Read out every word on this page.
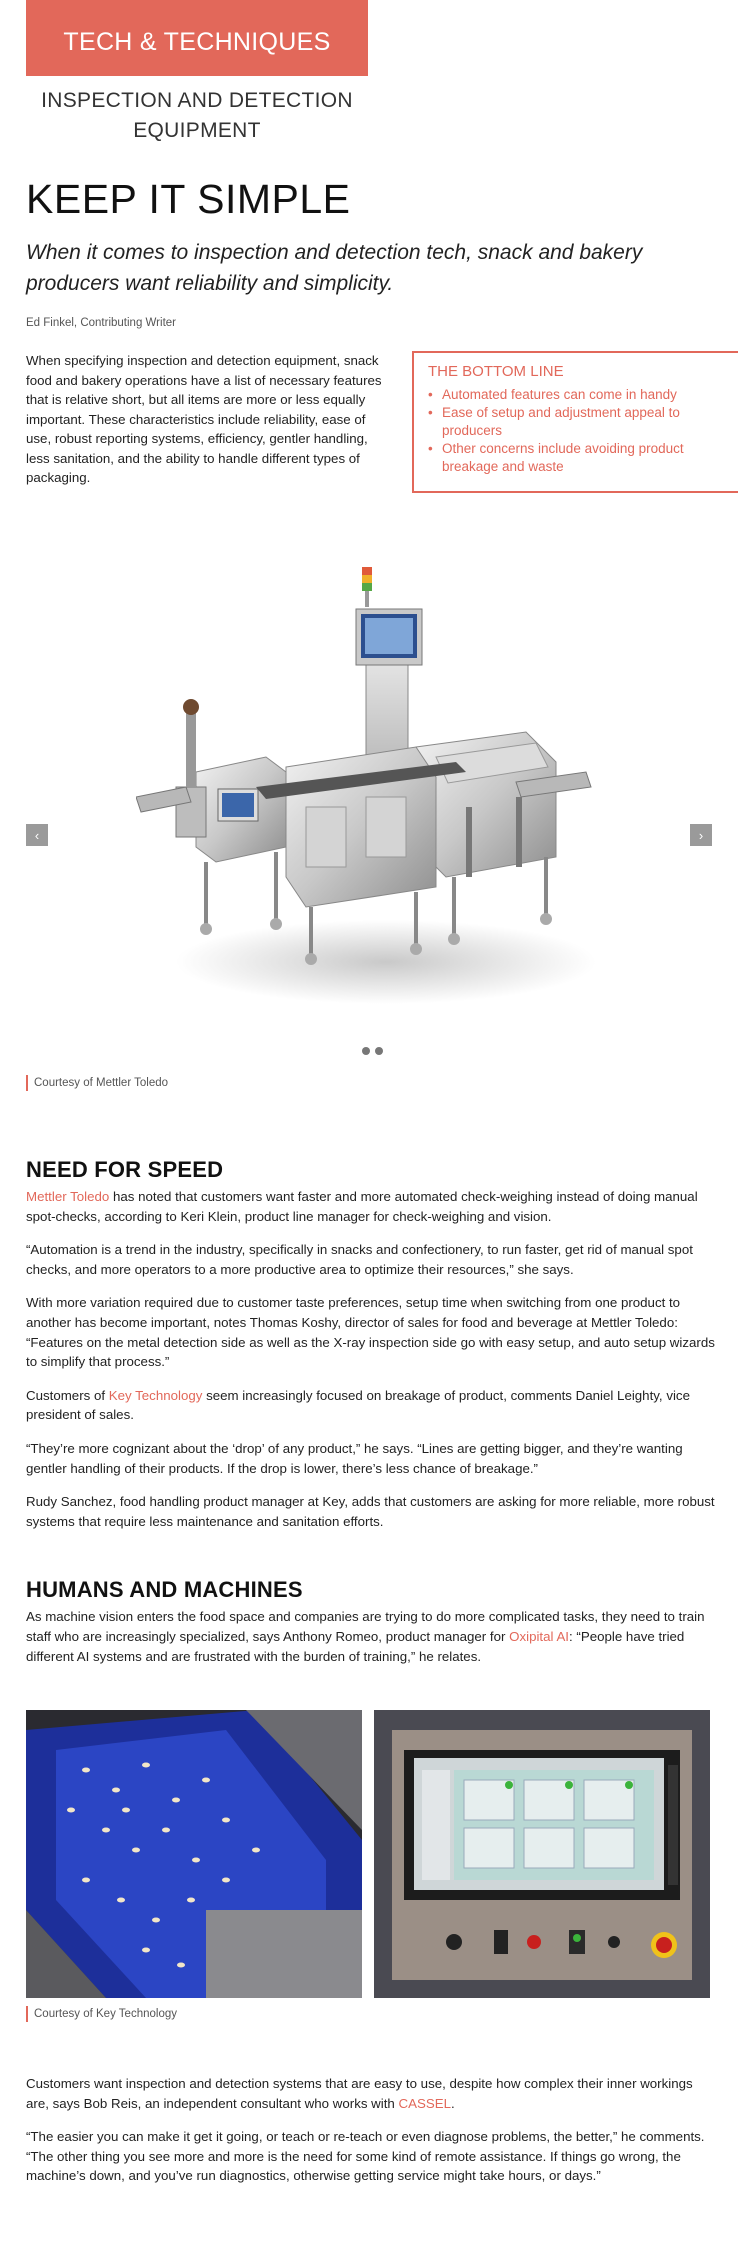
TECH & TECHNIQUES
INSPECTION AND DETECTION
EQUIPMENT
KEEP IT SIMPLE

When it comes to inspection and detection tech, snack and bakery producers want reliability and simplicity.

Ed Finkel, Contributing Writer

When specifying inspection and detection equipment, snack food and bakery operations have a list of necessary features that is relative short, but all items are more or less equally important. These characteristics include reliability, ease of use, robust reporting systems, efficiency, gentler handling, less sanitation, and the ability to handle different types of packaging.

THE BOTTOM LINE
• Automated features can come in handy
• Ease of setup and adjustment appeal to producers
• Other concerns include avoiding product breakage and waste
‹	›
Courtesy of Mettler Toledo
NEED FOR SPEED

Mettler Toledo has noted that customers want faster and more automated check-weighing instead of doing manual spot-checks, according to Keri Klein, product line manager for check-weighing and vision.

“Automation is a trend in the industry, specifically in snacks and confectionery, to run faster, get rid of manual spot checks, and more operators to a more productive area to optimize their resources,” she says.

With more variation required due to customer taste preferences, setup time when switching from one product to another has become important, notes Thomas Koshy, director of sales for food and beverage at Mettler Toledo: “Features on the metal detection side as well as the X-ray inspection side go with easy setup, and auto setup wizards to simplify that process.”

Customers of Key Technology seem increasingly focused on breakage of product, comments Daniel Leighty, vice president of sales.

“They’re more cognizant about the ‘drop’ of any product,” he says. “Lines are getting bigger, and they’re wanting gentler handling of their products. If the drop is lower, there’s less chance of breakage.”

Rudy Sanchez, food handling product manager at Key, adds that customers are asking for more reliable, more robust systems that require less maintenance and sanitation efforts.

HUMANS AND MACHINES

As machine vision enters the food space and companies are trying to do more complicated tasks, they need to train staff who are increasingly specialized, says Anthony Romeo, product manager for Oxipital AI: “People have tried different AI systems and are frustrated with the burden of training,” he relates.

Courtesy of Key Technology

Customers want inspection and detection systems that are easy to use, despite how complex their inner workings are, says Bob Reis, an independent consultant who works with CASSEL.

“The easier you can make it get it going, or teach or re-teach or even diagnose problems, the better,” he comments. “The other thing you see more and more is the need for some kind of remote assistance. If things go wrong, the machine’s down, and you’ve run diagnostics, otherwise getting service might take hours, or days.”
